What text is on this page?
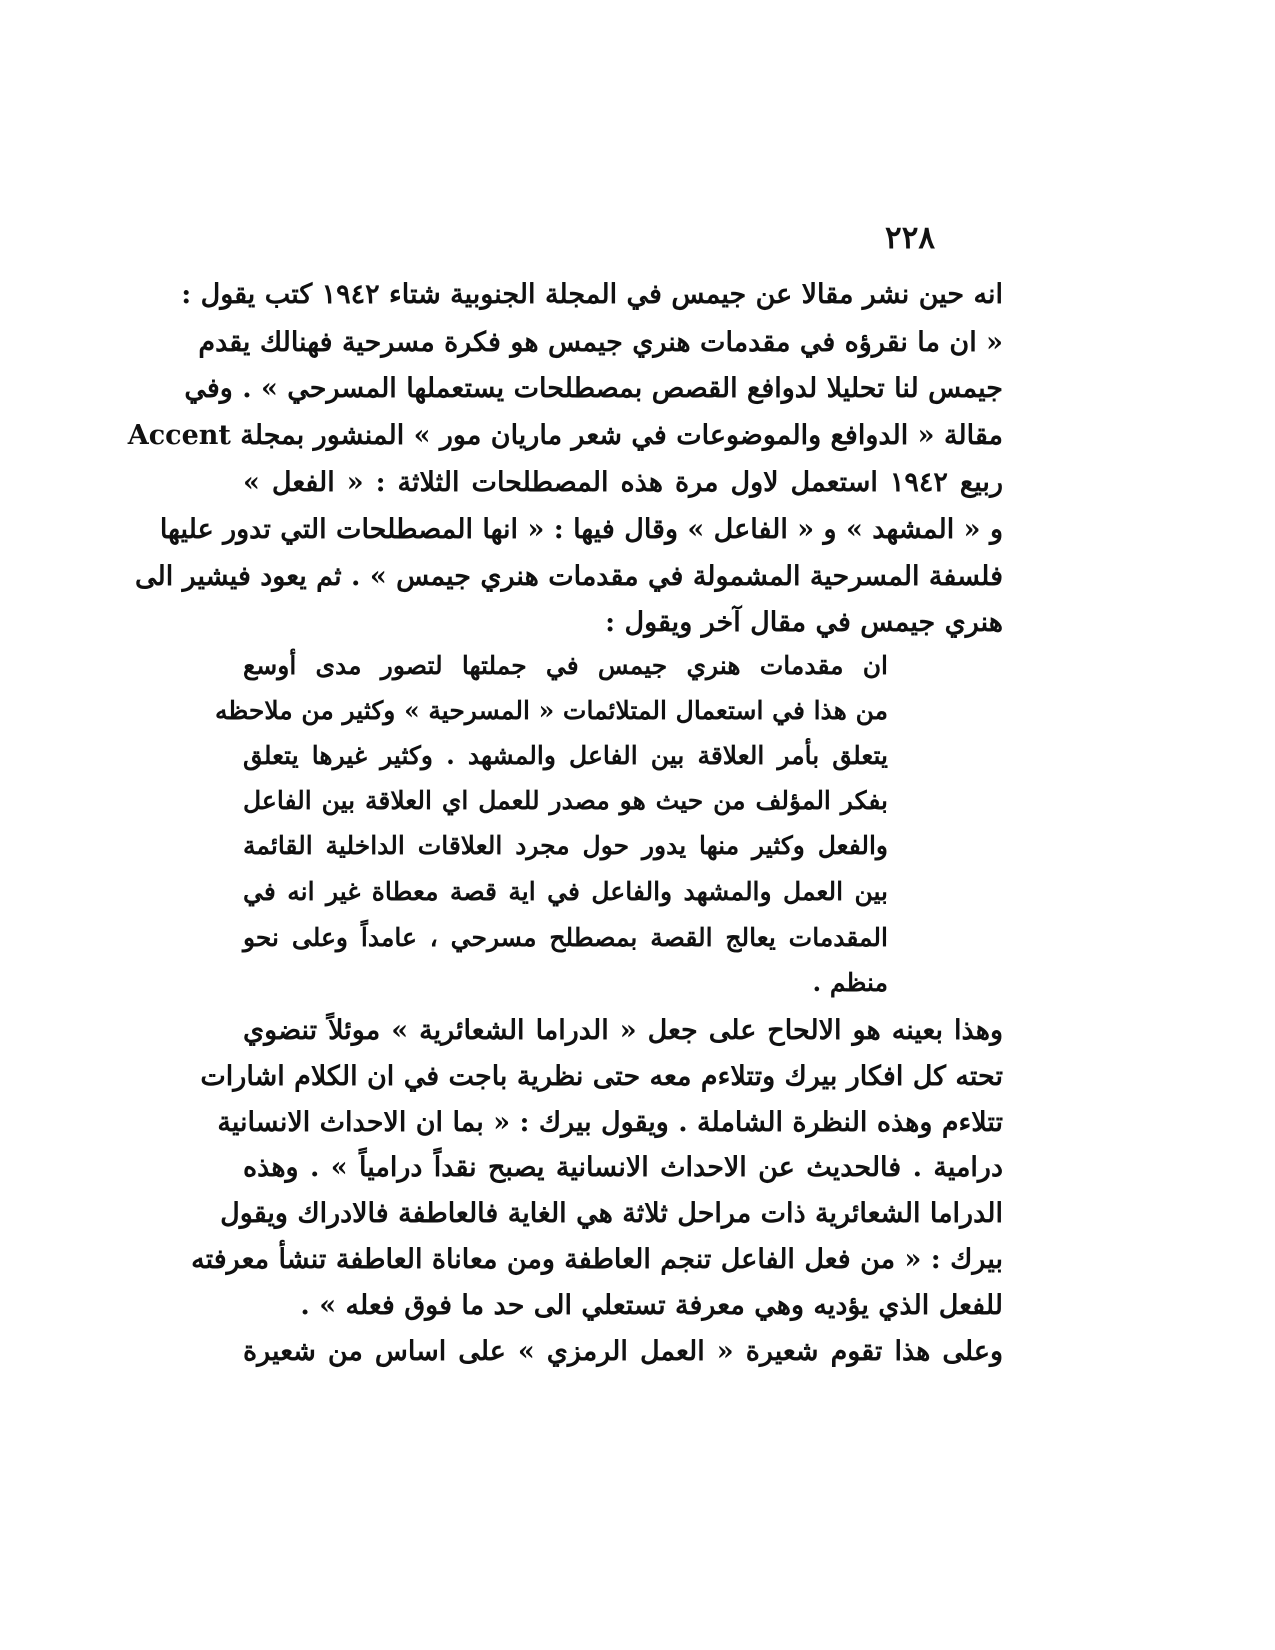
٢٢٨
انه حين نشر مقالا عن جيمس في المجلة الجنوبية شتاء ١٩٤٢ كتب يقول :
« ان ما نقرؤه في مقدمات هنري جيمس هو فكرة مسرحية فهنالك يقدم
جيمس لنا تحليلا لدوافع القصص بمصطلحات يستعملها المسرحي » . وفي
مقالة « الدوافع والموضوعات في شعر ماريان مور » المنشور بمجلة Accent
ربيع ١٩٤٢ استعمل لاول مرة هذه المصطلحات الثلاثة : « الفعل »
و « المشهد » و « الفاعل » وقال فيها : « انها المصطلحات التي تدور عليها
فلسفة المسرحية المشمولة في مقدمات هنري جيمس » . ثم يعود فيشير الى
هنري جيمس في مقال آخر ويقول :
ان مقدمات هنري جيمس في جملتها لتصور مدى أوسع
من هذا في استعمال المتلائمات « المسرحية » وكثير من ملاحظه
يتعلق بأمر العلاقة بين الفاعل والمشهد . وكثير غيرها يتعلق
بفكر المؤلف من حيث هو مصدر للعمل اي العلاقة بين الفاعل
والفعل وكثير منها يدور حول مجرد العلاقات الداخلية القائمة
بين العمل والمشهد والفاعل في اية قصة معطاة غير انه في
المقدمات يعالج القصة بمصطلح مسرحي ، عامداً وعلى نحو
منظم .
وهذا بعينه هو الالحاح على جعل « الدراما الشعائرية » موئلاً تنضوي
تحته كل افكار بيرك وتتلاءم معه حتى نظرية باجت في ان الكلام اشارات
تتلاءم وهذه النظرة الشاملة . ويقول بيرك : « بما ان الاحداث الانسانية
درامية . فالحديث عن الاحداث الانسانية يصبح نقداً درامياً » . وهذه
الدراما الشعائرية ذات مراحل ثلاثة هي الغاية فالعاطفة فالادراك ويقول
بيرك : « من فعل الفاعل تنجم العاطفة ومن معاناة العاطفة تنشأ معرفته
للفعل الذي يؤديه وهي معرفة تستعلي الى حد ما فوق فعله » .
وعلى هذا تقوم شعيرة « العمل الرمزي » على اساس من شعيرة
